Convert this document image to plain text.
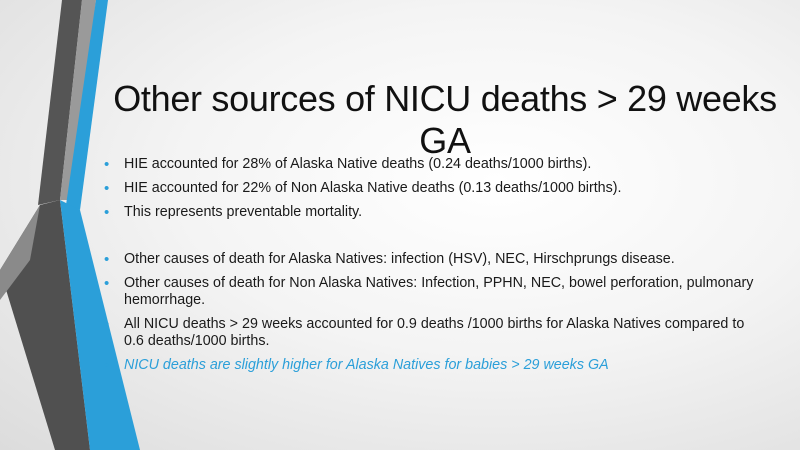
Other sources of NICU deaths > 29 weeks GA
• HIE accounted for 28% of Alaska Native deaths (0.24 deaths/1000 births).
• HIE accounted for 22% of Non Alaska Native deaths (0.13 deaths/1000 births).
• This represents preventable mortality.
• Other causes of death for Alaska Natives: infection (HSV), NEC, Hirschprungs disease.
• Other causes of death for Non Alaska Natives: Infection, PPHN, NEC, bowel perforation, pulmonary hemorrhage.
• All NICU deaths > 29 weeks accounted for 0.9 deaths /1000 births for Alaska Natives compared to 0.6 deaths/1000 births.
• NICU deaths are slightly higher for Alaska Natives for babies > 29 weeks GA
